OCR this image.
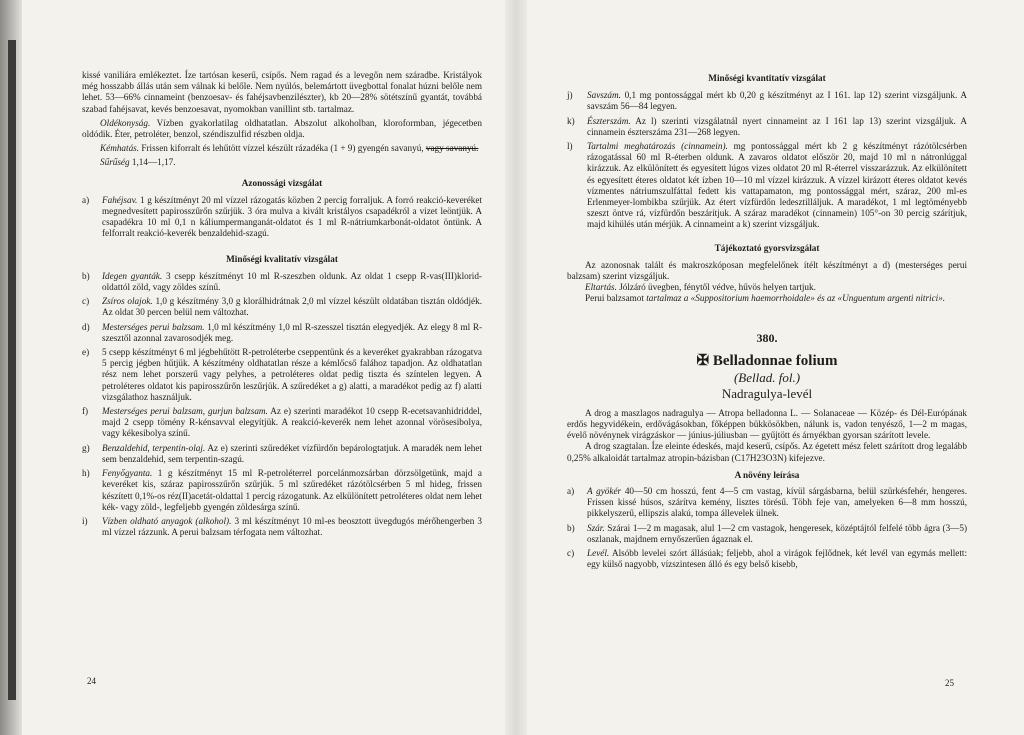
kissé vaniliára emlékeztet. Íze tartósan keserű, csípős. Nem ragad és a levegőn nem száradbe. Kristályok még hosszabb állás után sem válnak ki belőle. Nem nyúlós, belemártott üvegbottal fonalat húzni belőle nem lehet. 53—66% cinnameint (benzoesav- és fahéjsavbenzilészter), kb 20—28% sötétszínű gyantát, továbbá szabad fahéjsavat, kevés benzoesavat, nyomokban vanillint stb. tartalmaz.

Oldékonyság. Vízben gyakorlatilag oldhatatlan. Abszolut alkoholban, kloroformban, jégecetben oldódik. Éter, petroléter, benzol, széndiszulfid részben oldja.

Kémhatás. Frissen kiforralt és lehűtött vízzel készült rázadéka (1 + 9) gyengén savanyú, vagy savanyú.

Sűrűség 1,14—1,17.

Azonossági vizsgálat

a) Fahéjsav. 1 g készítményt 20 ml vízzel rázogatás közben 2 percig forraljuk. A forró reakció-keveréket megnedvesített papirosszűrőn szűrjük. 3 óra mulva a kivált kristályos csapadékról a vizet leöntjük. A csapadékra 10 ml 0,1 n káliumpermanganát-oldatot és 1 ml R-nátriumkarbonát-oldatot öntünk. A felforralt reakció-keverék benzaldehid-szagú.

Minőségi kvalitatív vizsgálat

b) Idegen gyanták. 3 csepp készítményt 10 ml R-szeszben oldunk. Az oldat 1 csepp R-vas(III)klorid-oldattól zöld, vagy zöldes színű.
c) Zsíros olajok. 1,0 g készítmény 3,0 g klorálhidrátnak 2,0 ml vízzel készült oldatában tisztán oldódjék. Az oldat 30 percen belül nem változhat.
d) Mesterséges perui balzsam. 1,0 ml készítmény 1,0 ml R-szesszel tisztán elegyedjék. Az elegy 8 ml R-szesztől azonnal zavarosodjék meg.
e) 5 csepp készítményt 6 ml jégbehűtött R-petroléterbe cseppentünk és a keveréket gyakrabban rázogatva 5 percig jégben hűtjük. A készítmény oldhatatlan része a kémlőcső falához tapadjon. Az oldhatatlan rész nem lehet porszerű vagy pelyhes, a petroléteres oldat pedig tiszta és színtelen legyen. A petroléteres oldatot kis papirosszűrőn leszűrjük. A szűredéket a g) alatti, a maradékot pedig az f) alatti vizsgálathoz használjuk.
f) Mesterséges perui balzsam, gurjun balzsam. Az e) szerinti maradékot 10 csepp R-ecetsavanhidriddel, majd 2 csepp tömény R-kénsavval elegyítjük. A reakció-keverék nem lehet azonnal vörösesibolya, vagy kékesibolya színű.
g) Benzaldehid, terpentin-olaj. Az e) szerinti szűredéket vízfürdőn bepárologtatjuk. A maradék nem lehet sem benzaldehid, sem terpentin-szagú.
h) Fenyőgyanta. 1 g készítményt 15 ml R-petroléterrel porcelánmozsárban dörzsölgetünk, majd a keveréket kis, száraz papirosszűrőn szűrjük. 5 ml szűredéket rázótölcsérben 5 ml hideg, frissen készített 0,1%-os réz(II)acetát-oldattal 1 percig rázogatunk. Az elkülönített petroléteres oldat nem lehet kék- vagy zöld-, legfeljebb gyengén zöldesárga színű.
i) Vízben oldható anyagok (alkohol). 3 ml készítményt 10 ml-es beosztott üvegdugós mérőhengerben 3 ml vízzel rázzunk. A perui balzsam térfogata nem változhat.
24

Minőségi kvantitatív vizsgálat

j) Savszám. 0,1 mg pontossággal mért kb 0,20 g készítményt az I 161. lap 12) szerint vizsgáljunk. A savszám 56—84 legyen.
k) Észterszám. Az l) szerinti vizsgálatnál nyert cinnameint az I 161 lap 13) szerint vizsgáljuk. A cinnamein észterszáma 231—268 legyen.
l) Tartalmi meghatározás (cinnamein). mg pontossággal mért kb 2 g készítményt rázótölcsérben rázogatással 60 ml R-éterben oldunk. A zavaros oldatot először 20, majd 10 ml n nátronlúggal kirázzuk. Az elkülönített és egyesített lúgos vizes oldatot 20 ml R-éterrel visszarázzuk. Az elkülönített és egyesített éteres oldatot két ízben 10—10 ml vízzel kirázzuk. A vízzel kirázott éteres oldatot kevés vízmentes nátriumszulfáttal fedett kis vattapamaton, mg pontossággal mért, száraz, 200 ml-es Erlenmeyer-lombikba szűrjük. Az étert vízfürdőn ledesztilláljuk. A maradékot, 1 ml legtöményebb szeszt öntve rá, vízfürdőn beszárítjuk. A száraz maradékot (cinnamein) 105°-on 30 percig szárítjuk, majd kihülés után mérjük. A cinnameint a k) szerint vizsgáljuk.

Tájékoztató gyorsvizsgálat

Az azonosnak talált és makroszkóposan megfelelőnek ítélt készítményt a d) (mesterséges perui balzsam) szerint vizsgáljuk.

Eltartás. Jólzáró üvegben, fénytől védve, hűvös helyen tartjuk.

Perui balzsamot tartalmaz a «Suppositorium haemorrhoidale» és az «Unguentum argenti nitrici».

380.

✠ Belladonnae folium

(Bellad. fol.)

Nadragulya-levél

A drog a maszlagos nadragulya — Atropa belladonna L. — Solanaceae — Közép- és Dél-Európának erdős hegyvidékein, erdővágásokban, főképpen bükkösökben, nálunk is, vadon tenyésző, 1—2 m magas, évelő növénynek virágzáskor — június-júliusban — gyűjtött és árnyékban gyorsan szárított levele.

A drog szagtalan. Íze eleinte édeskés, majd keserű, csípős. Az égetett mész felett szárított drog legalább 0,25% alkaloidát tartalmaz atropin-bázisban (C17H23O3N) kifejezve.

A növény leírása

a) A gyökér 40—50 cm hosszú, fent 4—5 cm vastag, kívül sárgásbarna, belül szürkésfehér, hengeres. Frissen kissé húsos, szárítva kemény, lisztes törésű. Töbh feje van, amelyeken 6—8 mm hosszú, pikkelyszerű, ellipszis alakú, tompa állevelek ülnek.
b) Szár. Szárai 1—2 m magasak, alul 1—2 cm vastagok, hengeresek, középtájtól felfelé több ágra (3—5) oszlanak, majdnem ernyőszerűen ágaznak el.
c) Levél. Alsóbb levelei szórt állásúak; feljebb, ahol a virágok fejlődnek, két levél van egymás mellett: egy külső nagyobb, vízszintesen álló és egy belső kisebb,
25
